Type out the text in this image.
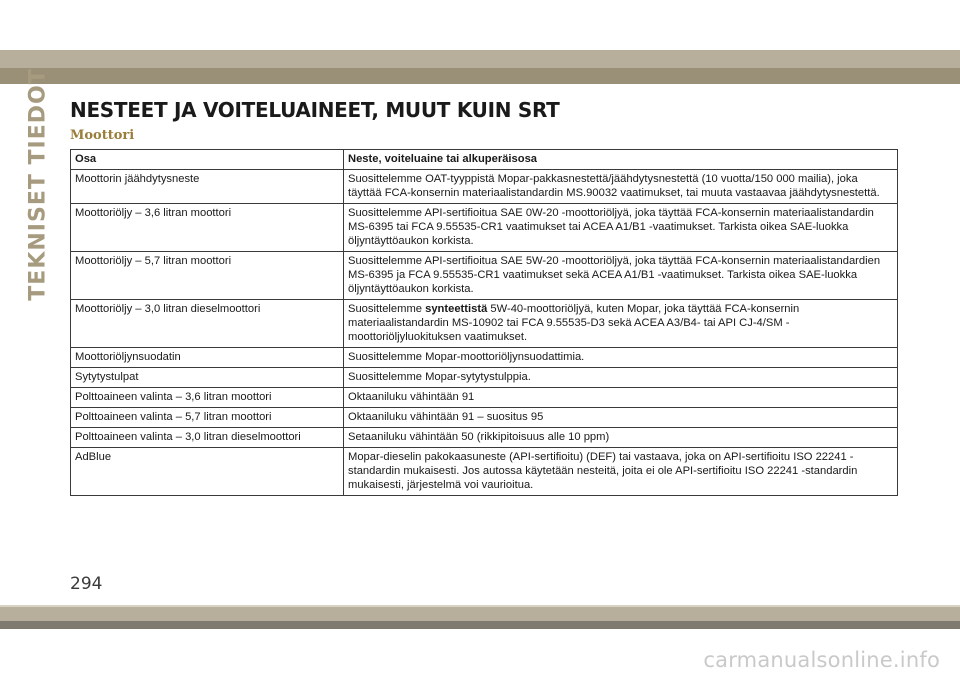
TEKNISET TIEDOT NESTEET JA VOITELUAINEET, MUUT KUIN SRT
Moottori
Osa	Neste, voiteluaine tai alkuperäisosa
Moottorin jäähdytysneste	Suosittelemme OAT-tyyppistä Mopar-pakkasnestettä/jäähdytysnestettä (10 vuotta/150 000 mailia), joka täyttää FCA-konsernin materiaalistandardin MS.90032 vaatimukset, tai muuta vastaavaa jäähdytysnestettä.
Moottoriöljy – 3,6 litran moottori	Suosittelemme API-sertifioitua SAE 0W-20 -moottoriöljyä, joka täyttää FCA-konsernin materiaalistandardin MS-6395 tai FCA 9.55535-CR1 vaatimukset tai ACEA A1/B1 -vaatimukset. Tarkista oikea SAE-luokka öljyntäyttöaukon korkista.
Moottoriöljy – 5,7 litran moottori	Suosittelemme API-sertifioitua SAE 5W-20 -moottoriöljyä, joka täyttää FCA-konsernin materiaalistandardien MS-6395 ja FCA 9.55535-CR1 vaatimukset sekä ACEA A1/B1 -vaatimukset. Tarkista oikea SAE-luokka öljyntäyttöaukon korkista.
Moottoriöljy – 3,0 litran dieselmoottori	Suosittelemme synteettistä 5W-40-moottoriöljyä, kuten Mopar, joka täyttää FCA-konsernin materiaalistandardin MS-10902 tai FCA 9.55535-D3 sekä ACEA A3/B4- tai API CJ-4/SM -moottoriöljyluokituksen vaatimukset.
Moottoriöljynsuodatin	Suosittelemme Mopar-moottoriöljynsuodattimia.
Sytytystulpat	Suosittelemme Mopar-sytytystulppia.
Polttoaineen valinta – 3,6 litran moottori	Oktaaniluku vähintään 91
Polttoaineen valinta – 5,7 litran moottori	Oktaaniluku vähintään 91 – suositus 95
Polttoaineen valinta – 3,0 litran dieselmoottori	Setaaniluku vähintään 50 (rikkipitoisuus alle 10 ppm)
AdBlue	Mopar-dieselin pakokaasuneste (API-sertifioitu) (DEF) tai vastaava, joka on API-sertifioitu ISO 22241 -standardin mukaisesti. Jos autossa käytetään nesteitä, joita ei ole API-sertifioitu ISO 22241 -standardin mukaisesti, järjestelmä voi vaurioitua.
294
carmanualsonline.info
